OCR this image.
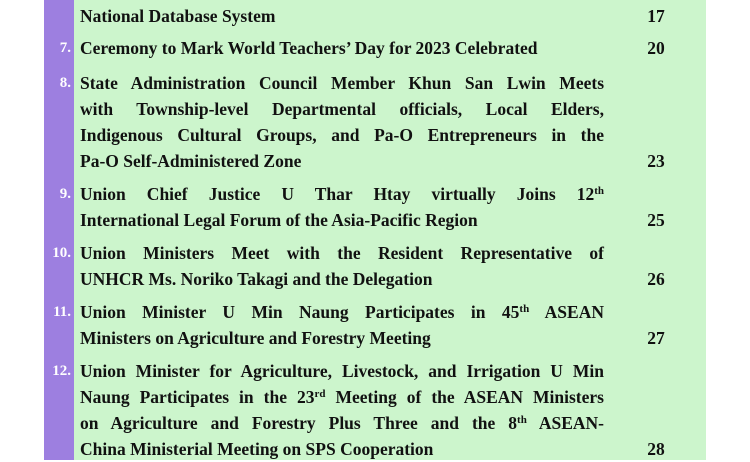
National Database System	17
7. Ceremony to Mark World Teachers’ Day for 2023 Celebrated	20
8. State Administration Council Member Khun San Lwin Meets
with Township-level Departmental officials, Local Elders,
Indigenous Cultural Groups, and Pa-O Entrepreneurs in the
Pa-O Self-Administered Zone	23
9. Union Chief Justice U Thar Htay virtually Joins 12th
International Legal Forum of the Asia-Pacific Region	25
10. Union Ministers Meet with the Resident Representative of
UNHCR Ms. Noriko Takagi and the Delegation	26
11. Union Minister U Min Naung Participates in 45th ASEAN
Ministers on Agriculture and Forestry Meeting	27
12. Union Minister for Agriculture, Livestock, and Irrigation U Min
Naung Participates in the 23rd Meeting of the ASEAN Ministers
on Agriculture and Forestry Plus Three and the 8th ASEAN-
China Ministerial Meeting on SPS Cooperation	28
